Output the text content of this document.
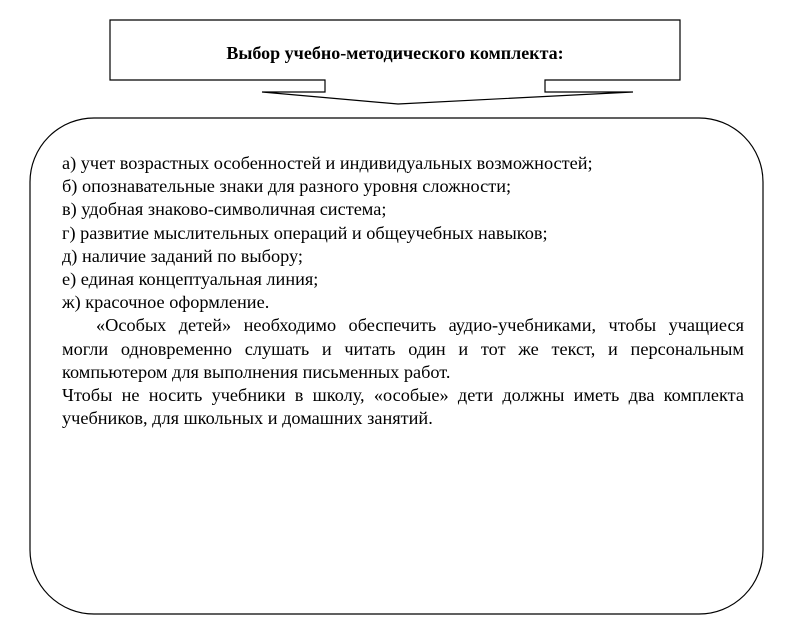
Выбор учебно-методического комплекта:

а) учет возрастных особенностей и индивидуальных возможностей;

б) опознавательные знаки для разного уровня сложности;

в) удобная знаково-символичная система;

г) развитие мыслительных операций и общеучебных навыков;

д) наличие заданий по выбору;

е) единая концептуальная линия;

ж) красочное оформление.

«Особых детей» необходимо обеспечить аудио-учебниками, чтобы учащиеся могли одновременно слушать и читать один и тот же текст, и персональным компьютером для выполнения письменных работ.

Чтобы не носить учебники в школу, «особые» дети должны иметь два комплекта учебников, для школьных и домашних занятий.
